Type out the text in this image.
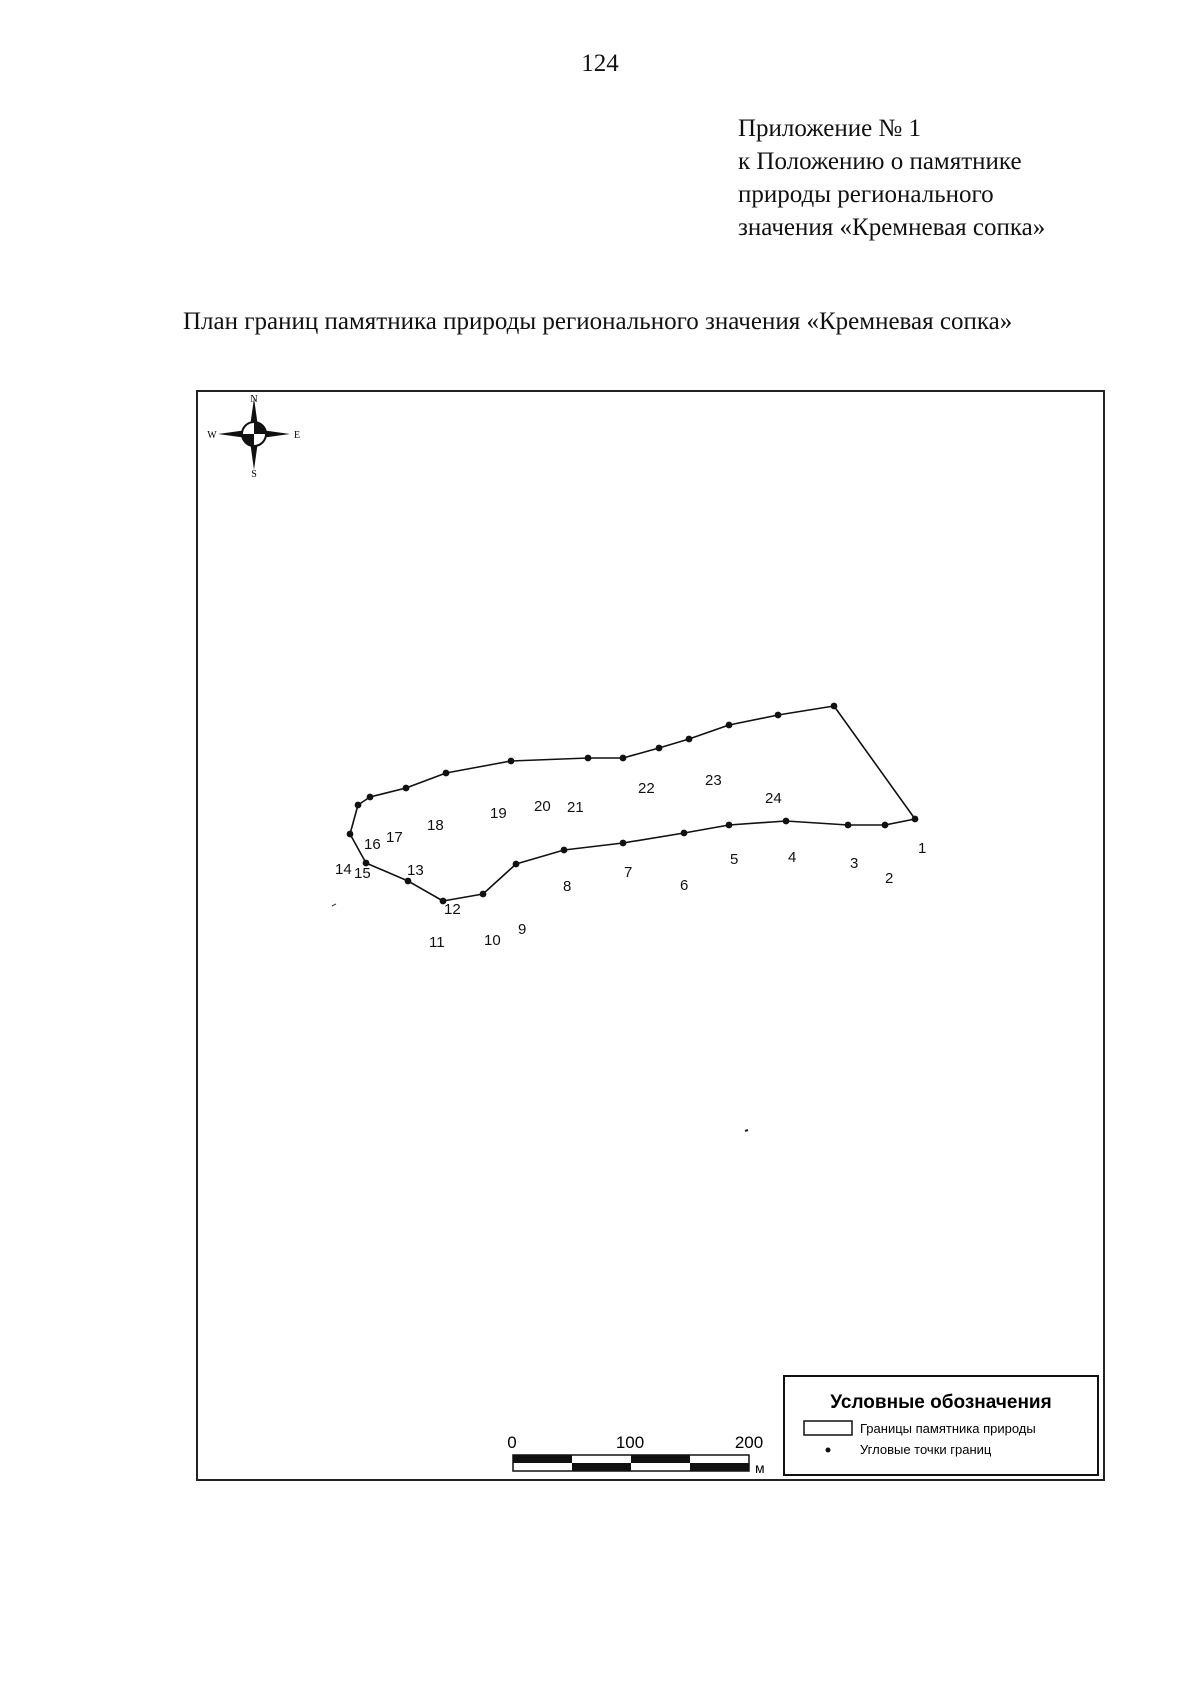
124
Приложение № 1
к Положению о памятнике
природы регионального
значения «Кремневая сопка»
План границ памятника природы регионального значения «Кремневая сопка»
N
S
W	E
1
2
3
4
5
6
7
8
9
10
11
12
13
14 15
16 17
18
19 20 21
22	23
24
0	100	200
м
Условные обозначения
Границы памятника природы
Угловые точки границ
